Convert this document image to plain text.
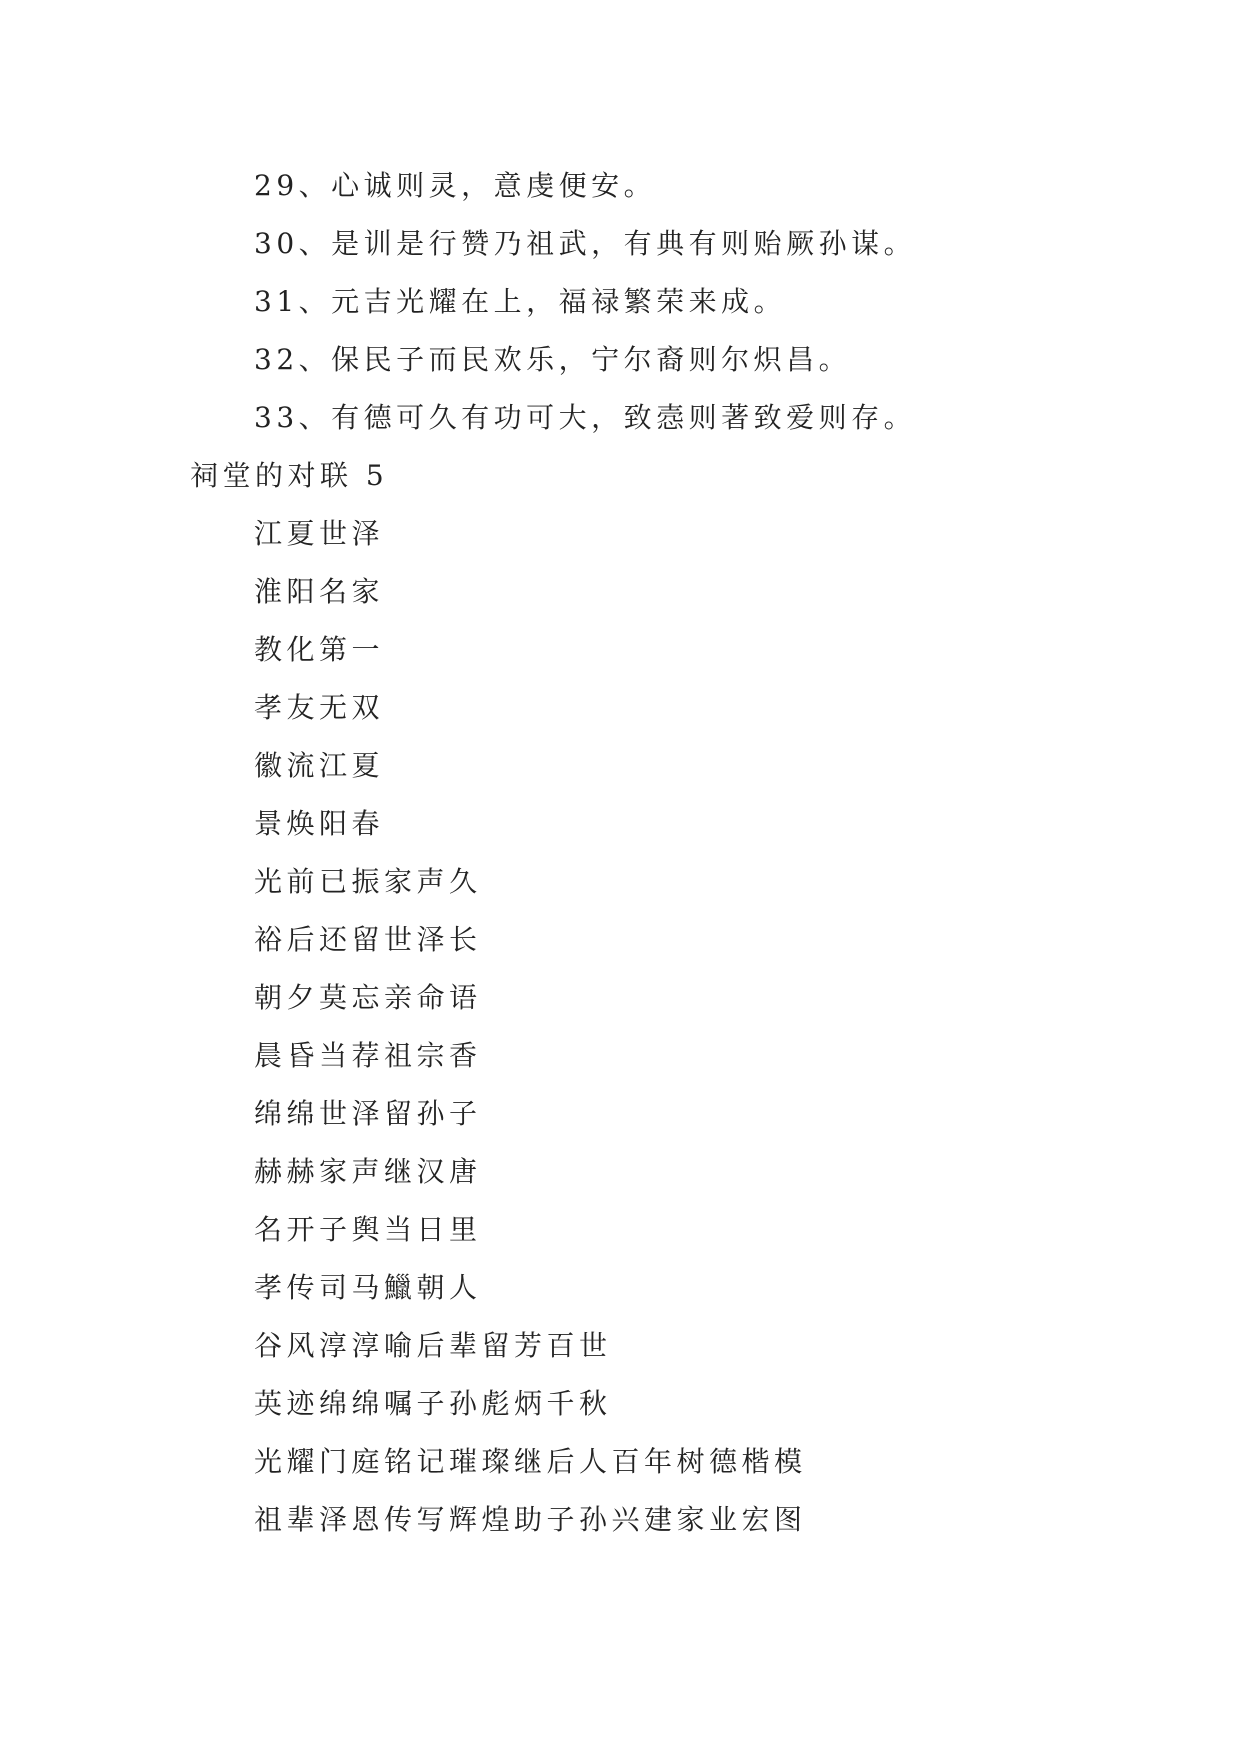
29、心诚则灵，意虔便安。
30、是训是行赞乃祖武，有典有则贻厥孙谋。
31、元吉光耀在上，福禄繁荣来成。
32、保民子而民欢乐，宁尔裔则尔炽昌。
33、有德可久有功可大，致悫则著致爱则存。
祠堂的对联 5
江夏世泽
淮阳名家
教化第一
孝友无双
徽流江夏
景焕阳春
光前已振家声久
裕后还留世泽长
朝夕莫忘亲命语
晨昏当荐祖宗香
绵绵世泽留孙子
赫赫家声继汉唐
名开子舆当日里
孝传司马鱲朝人
谷风淳淳喻后辈留芳百世
英迹绵绵嘱子孙彪炳千秋
光耀门庭铭记璀璨继后人百年树德楷模
祖辈泽恩传写辉煌助子孙兴建家业宏图
